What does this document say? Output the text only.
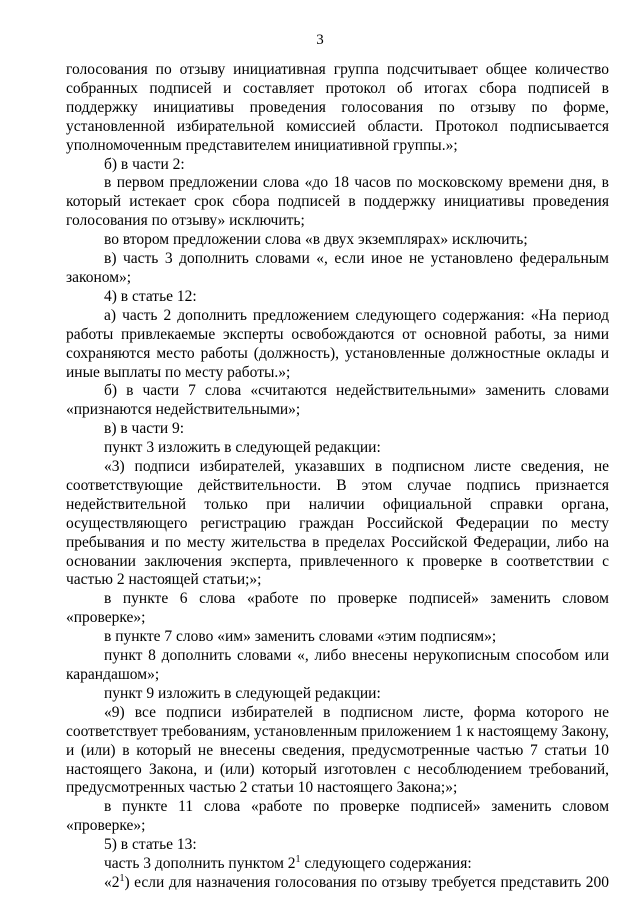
3

голосования по отзыву инициативная группа подсчитывает общее количество собранных подписей и составляет протокол об итогах сбора подписей в поддержку инициативы проведения голосования по отзыву по форме, установленной избирательной комиссией области. Протокол подписывается уполномоченным представителем инициативной группы.»;

б) в части 2:

в первом предложении слова «до 18 часов по московскому времени дня, в который истекает срок сбора подписей в поддержку инициативы проведения голосования по отзыву» исключить;

во втором предложении слова «в двух экземплярах» исключить;

в) часть 3 дополнить словами «, если иное не установлено федеральным законом»;

4) в статье 12:

а) часть 2 дополнить предложением следующего содержания: «На период работы привлекаемые эксперты освобождаются от основной работы, за ними сохраняются место работы (должность), установленные должностные оклады и иные выплаты по месту работы.»;

б) в части 7 слова «считаются недействительными» заменить словами «признаются недействительными»;

в) в части 9:

пункт 3 изложить в следующей редакции:

«3) подписи избирателей, указавших в подписном листе сведения, не соответствующие действительности. В этом случае подпись признается недействительной только при наличии официальной справки органа, осуществляющего регистрацию граждан Российской Федерации по месту пребывания и по месту жительства в пределах Российской Федерации, либо на основании заключения эксперта, привлеченного к проверке в соответствии с частью 2 настоящей статьи;»;

в пункте 6 слова «работе по проверке подписей» заменить словом «проверке»;

в пункте 7 слово «им» заменить словами «этим подписям»;

пункт 8 дополнить словами «, либо внесены нерукописным способом или карандашом»;

пункт 9 изложить в следующей редакции:

«9) все подписи избирателей в подписном листе, форма которого не соответствует требованиям, установленным приложением 1 к настоящему Закону, и (или) в который не внесены сведения, предусмотренные частью 7 статьи 10 настоящего Закона, и (или) который изготовлен с несоблюдением требований, предусмотренных частью 2 статьи 10 настоящего Закона;»;

в пункте 11 слова «работе по проверке подписей» заменить словом «проверке»;

5) в статье 13:

часть 3 дополнить пунктом $2^1$ следующего содержания:

«$2^1$) если для назначения голосования по отзыву требуется представить 200
